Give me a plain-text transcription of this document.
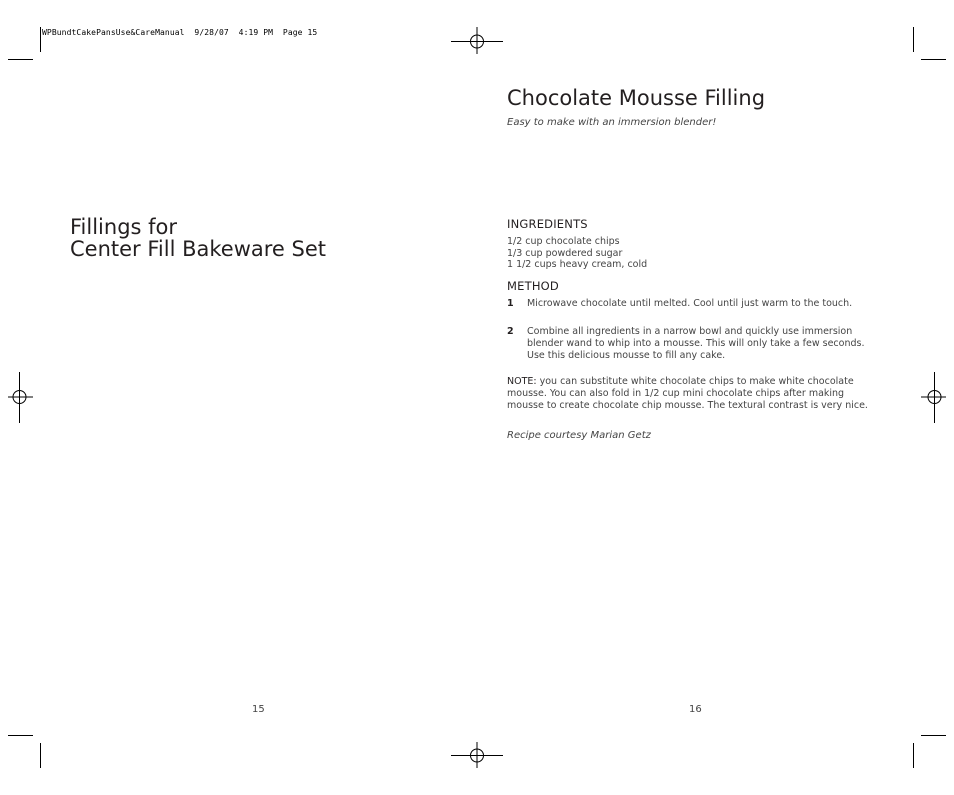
WPBundtCakePansUse&CareManual  9/28/07  4:19 PM  Page 15
Fillings for
Center Fill Bakeware Set
15
Chocolate Mousse Filling
Easy to make with an immersion blender!
INGREDIENTS
1/2 cup chocolate chips
1/3 cup powdered sugar
1 1/2 cups heavy cream, cold
METHOD
1 Microwave chocolate until melted. Cool until just warm to the touch.
2 Combine all ingredients in a narrow bowl and quickly use immersion blender wand to whip into a mousse. This will only take a few seconds. Use this delicious mousse to fill any cake.
NOTE: you can substitute white chocolate chips to make white chocolate mousse. You can also fold in 1/2 cup mini chocolate chips after making mousse to create chocolate chip mousse. The textural contrast is very nice.
Recipe courtesy Marian Getz
16
